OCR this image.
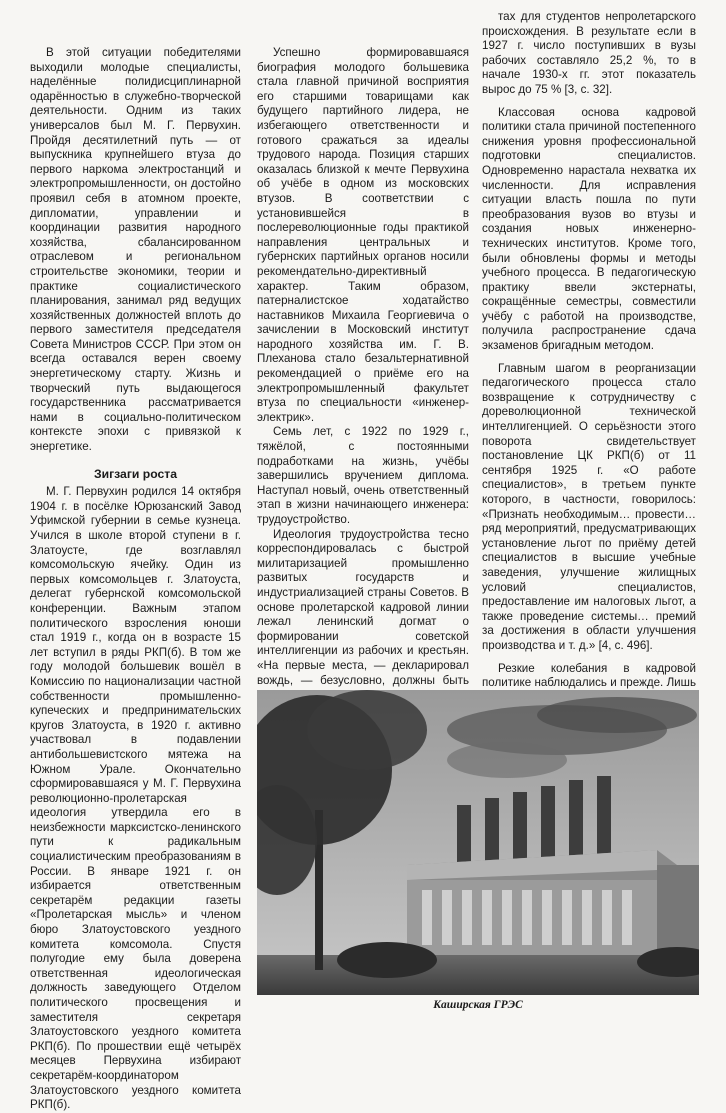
В этой ситуации победителями выходили молодые специалисты, наделённые полидисциплинарной одарённостью в служебно-творческой деятельности. Одним из таких универсалов был М. Г. Первухин. Пройдя десятилетний путь — от выпускника крупнейшего втуза до первого наркома электростанций и электропромышленности, он достойно проявил себя в атомном проекте, дипломатии, управлении и координации развития народного хозяйства, сбалансированном отраслевом и региональном строительстве экономики, теории и практике социалистического планирования, занимал ряд ведущих хозяйственных должностей вплоть до первого заместителя председателя Совета Министров СССР. При этом он всегда оставался верен своему энергетическому старту. Жизнь и творческий путь выдающегося государственника рассматривается нами в социально-политическом контексте эпохи с привязкой к энергетике.

Зигзаги роста

М. Г. Первухин родился 14 октября 1904 г. в посёлке Юрюзанский Завод Уфимской губернии в семье кузнеца. Учился в школе второй ступени в г. Златоусте, где возглавлял комсомольскую ячейку. Один из первых комсомольцев г. Златоуста, делегат губернской комсомольской конференции. Важным этапом политического взросления юноши стал 1919 г., когда он в возрасте 15 лет вступил в ряды РКП(б). В том же году молодой большевик вошёл в Комиссию по национализации частной собственности промышленно-купеческих и предпринимательских кругов Златоуста, в 1920 г. активно участвовал в подавлении антибольшевистского мятежа на Южном Урале. Окончательно сформировавшаяся у М. Г. Первухина революционно-пролетарская идеология утвердила его в неизбежности марксистско-ленинского пути к радикальным социалистическим преобразованиям в России. В январе 1921 г. он избирается ответственным секретарём редакции газеты «Пролетарская мысль» и членом бюро Златоустовского уездного комитета комсомола. Спустя полугодие ему была доверена ответственная идеологическая должность заведующего Отделом политического просвещения и заместителя секретаря Златоустовского уездного комитета РКП(б). По прошествии ещё четырёх месяцев Первухина избирают секретарём-координатором Златоустовского уездного комитета РКП(б).

Успешно формировавшаяся биография молодого большевика стала главной причиной восприятия его старшими товарищами как будущего партийного лидера, не избегающего ответственности и готового сражаться за идеалы трудового народа. Позиция старших оказалась близкой к мечте Первухина об учёбе в одном из московских втузов. В соответствии с установившейся в послереволюционные годы практикой направления центральных и губернских партийных органов носили рекомендательно-директивный характер. Таким образом, патерналистское ходатайство наставников Михаила Георгиевича о зачислении в Московский институт народного хозяйства им. Г. В. Плеханова стало безальтернативной рекомендацией о приёме его на электропромышленный факультет втуза по специальности «инженер-электрик».

Семь лет, с 1922 по 1929 г., тяжёлой, с постоянными подработками на жизнь, учёбы завершились вручением диплома. Наступал новый, очень ответственный этап в жизни начинающего инженера: трудоустройство.

Идеология трудоустройства тесно корреспондировалась с быстрой милитаризацией промышленно развитых государств и индустриализацией страны Советов. В основе пролетарской кадровой линии лежал ленинский догмат о формировании советской интеллигенции из рабочих и крестьян. «На первые места, — декларировал вождь, — безусловно, должны быть

тах для студентов непролетарского происхождения. В результате если в 1927 г. число поступивших в вузы рабочих составляло 25,2 %, то в начале 1930-х гг. этот показатель вырос до 75 % [3, с. 32].

Классовая основа кадровой политики стала причиной постепенного снижения уровня профессиональной подготовки специалистов. Одновременно нарастала нехватка их численности. Для исправления ситуации власть пошла по пути преобразования вузов во втузы и создания новых инженерно-технических институтов. Кроме того, были обновлены формы и методы учебного процесса. В педагогическую практику ввели экстернаты, сокращённые семестры, совместили учёбу с работой на производстве, получила распространение сдача экзаменов бригадным методом.

Главным шагом в реорганизации педагогического процесса стало возвращение к сотрудничеству с дореволюционной технической интеллигенцией. О серьёзности этого поворота свидетельствует постановление ЦК РКП(б) от 11 сентября 1925 г. «О работе специалистов», в третьем пункте которого, в частности, говорилось: «Признать необходимым… провести… ряд мероприятий, предусматривающих установление льгот по приёму детей специалистов в высшие учебные заведения, улучшение жилищных условий специалистов, предоставление им налоговых льгот, а также проведение системы… премий за достижения в области улучшения производства и т. д.» [4, с. 496].

Резкие колебания в кадровой политике наблюдались и прежде. Лишь

Каширская ГРЭС
